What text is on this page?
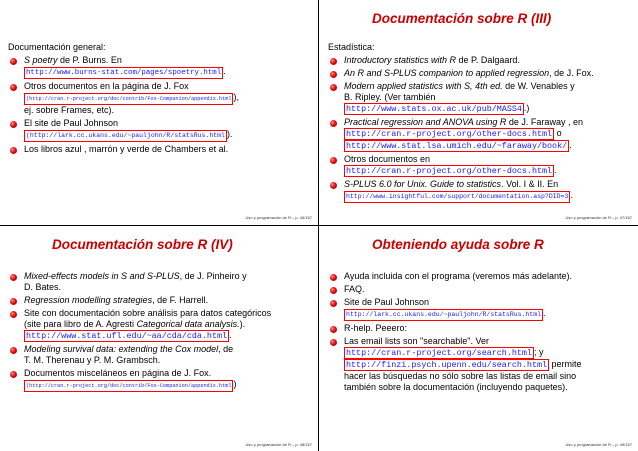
Documentación general:
S poetry de P. Burns. En
http://www.burns-stat.com/pages/spoetry.html .
Otros documentos en la página de J. Fox
(http://cran.r-project.org/doc/contrib/Fox-Companion/appendix.html ),
ej. sobre Frames, etc).
El site de Paul Johnson
(http://lark.cc.ukans.edu/~pauljohn/R/statsRus.html ).
Los libros azul , marrón y verde de Chambers et al.
Uso y programación de R – p. 46/157
Documentación sobre R (III)
Estadística:
Introductory statistics with R de P. Dalgaard.
An R and S-PLUS companion to applied regression, de J. Fox.
Modern applied statistics with S, 4th ed. de W. Venables y
B. Ripley. (Ver también
http://www.stats.ox.ac.uk/pub/MASS4 .)
Practical regression and ANOVA using R de J. Faraway , en
http://cran.r-project.org/other-docs.html o
http://www.stat.lsa.umich.edu/~faraway/book/ .
Otros documentos en
http://cran.r-project.org/other-docs.html .
S-PLUS 6.0 for Unix. Guide to statistics. Vol. I & II. En
http://www.insightful.com/support/documentation.asp?DID=3 .
Uso y programación de R – p. 47/157
Documentación sobre R (IV)
Mixed-effects models in S and S-PLUS, de J. Pinheiro y
D. Bates.
Regression modelling strategies, de F. Harrell.
Site con documentación sobre análisis para datos categóricos
(site para libro de A. Agresti Categorical data analysis.).
http://www.stat.ufl.edu/~aa/cda/cda.html .
Modeling survival data: extending the Cox model, de
T. M. Therenau y P. M. Grambsch.
Documentos misceláneos en página de J. Fox.
(http://cran.r-project.org/doc/contrib/Fox-Companion/appendix.html )
Uso y programación de R – p. 48/157
Obteniendo ayuda sobre R
Ayuda incluida con el programa (veremos más adelante).
FAQ.
Site de Paul Johnson
http://lark.cc.ukans.edu/~pauljohn/R/statsRus.html .
R-help. Peeero:
Las email lists son "searchable". Ver
http://cran.r-project.org/search.html ; y
http://finzi.psych.upenn.edu/search.html permite
hacer las búsquedas no sólo sobre las listas de email sino
también sobre la documentación (incluyendo paquetes).
Uso y programación de R – p. 49/157
